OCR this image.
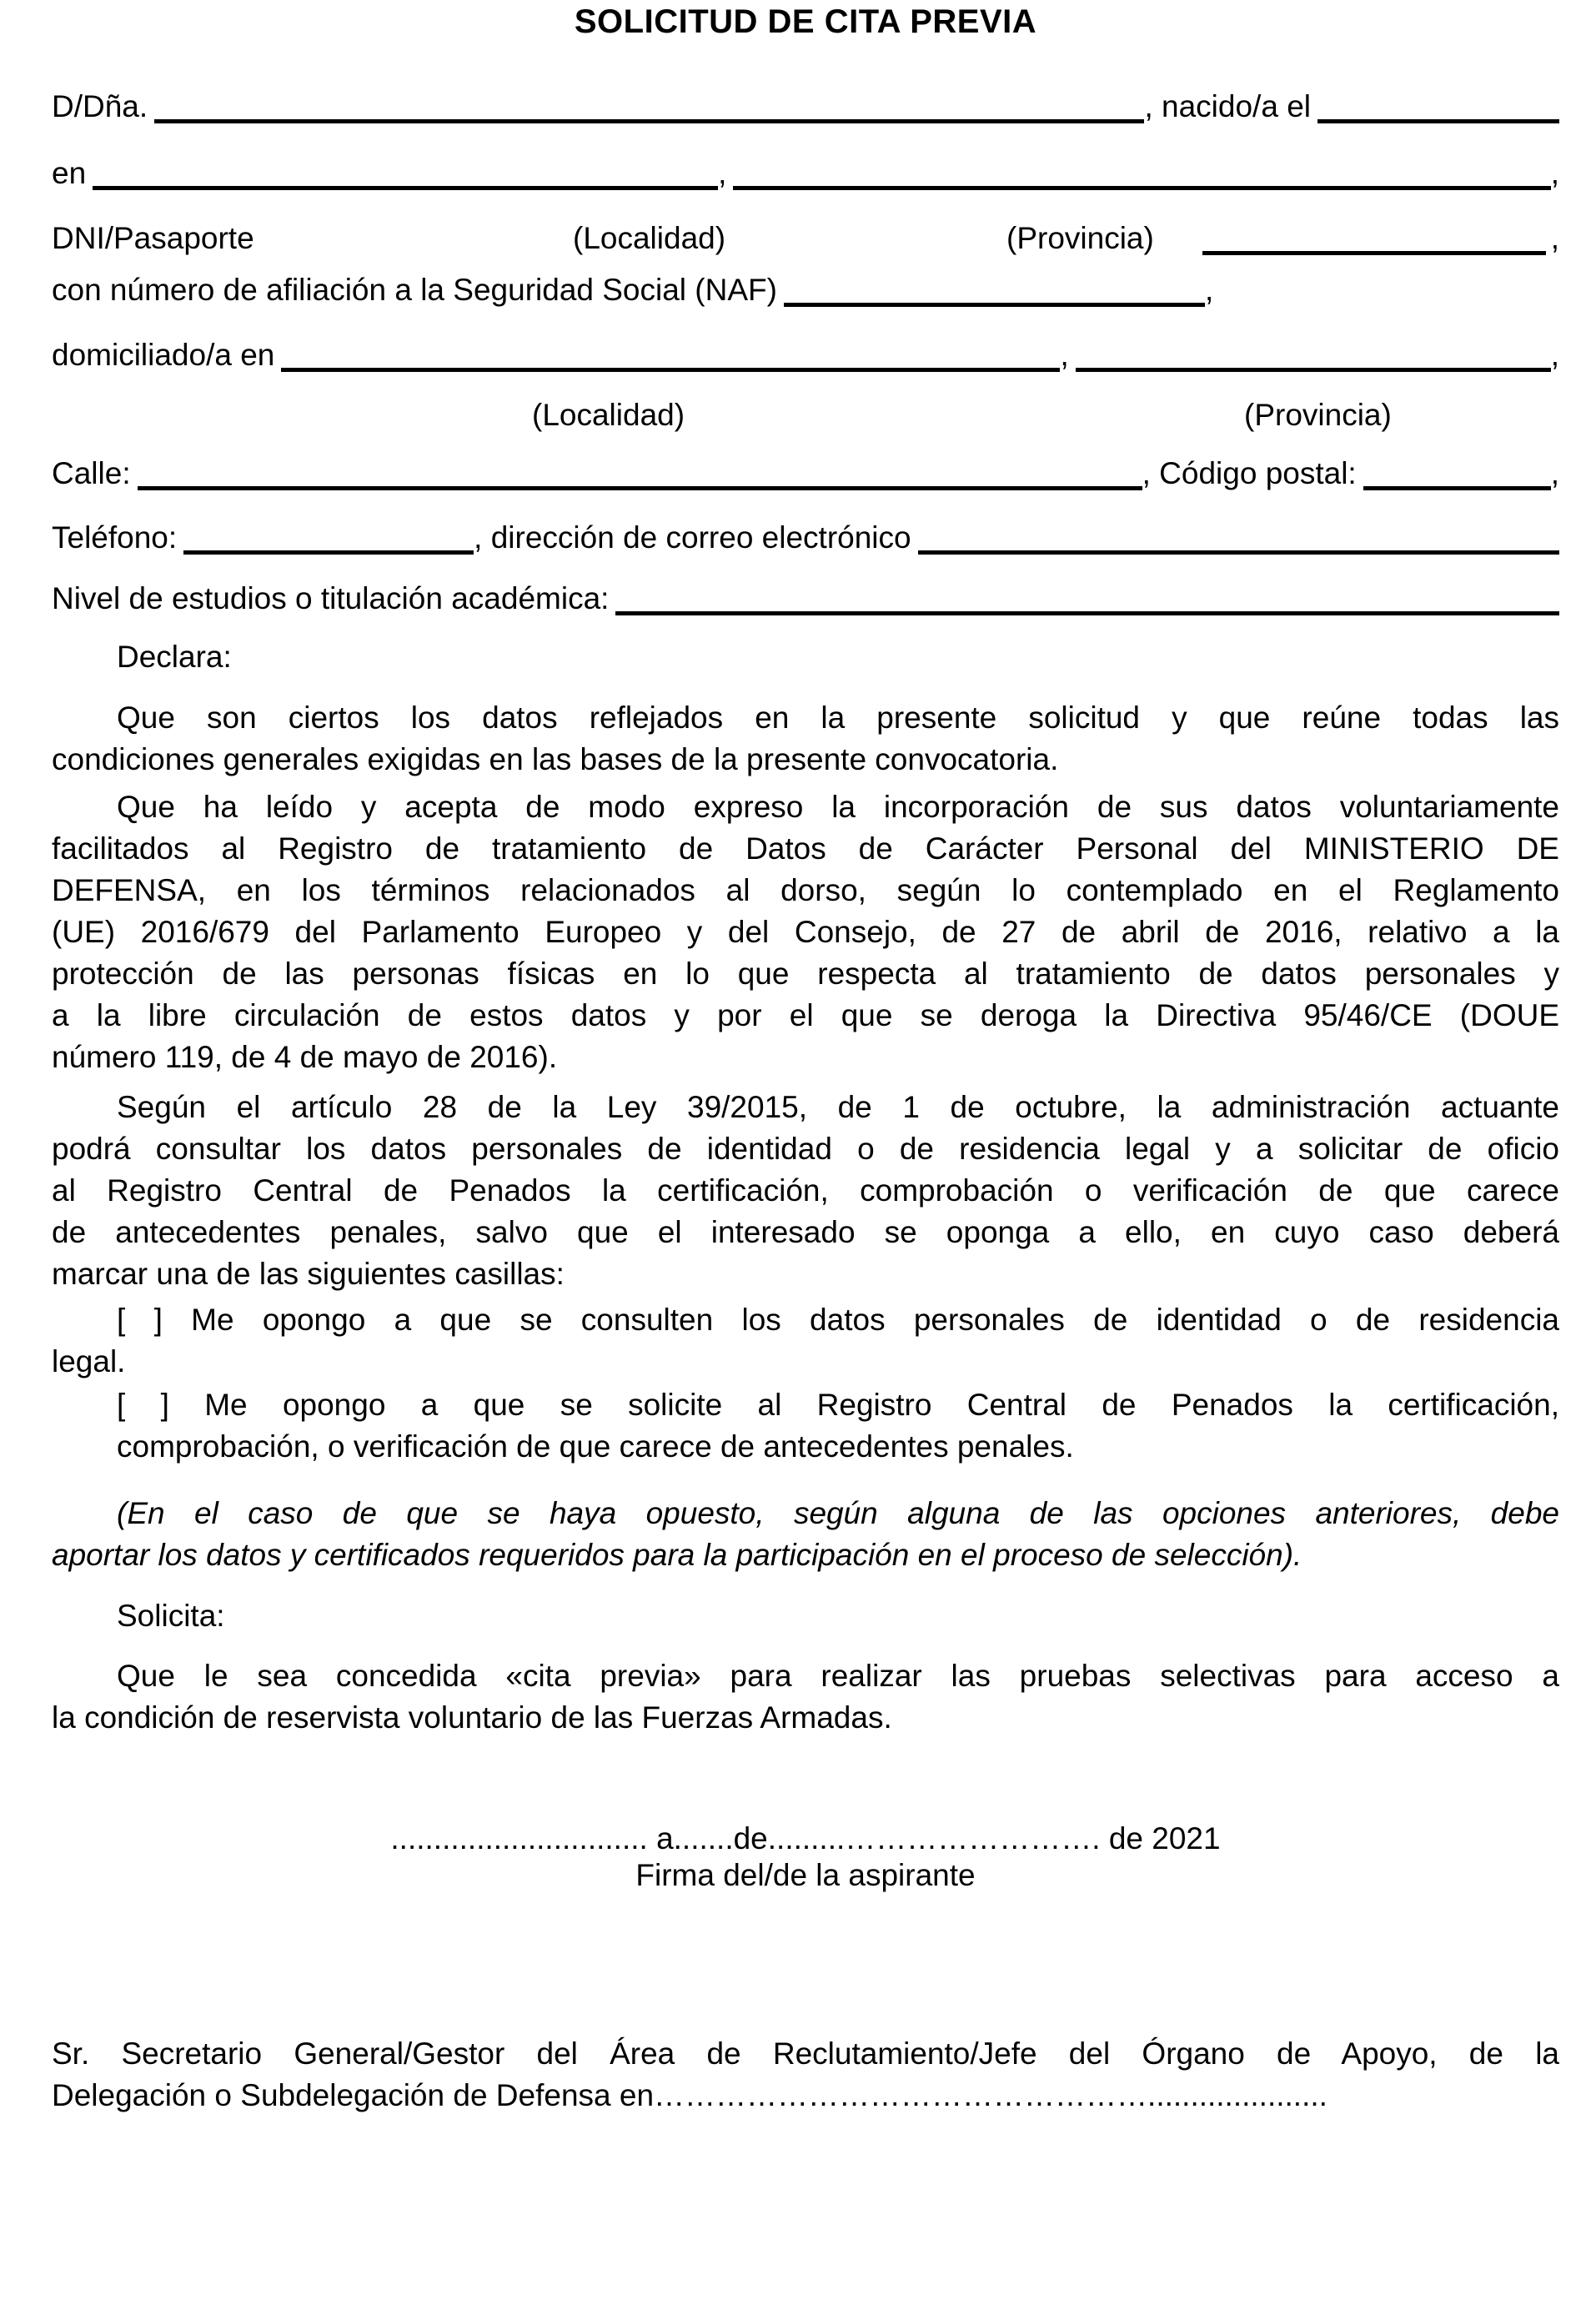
SOLICITUD DE CITA PREVIA
D/Dña.	, nacido/a el
en	,	,
DNI/Pasaporte	(Localidad)	(Provincia)	,
con número de afiliación a la Seguridad Social (NAF)	,
domiciliado/a en	,	,
(Localidad)	(Provincia)
Calle:	, Código postal:	,
Teléfono:	, dirección de correo electrónico
Nivel de estudios o titulación académica:
Declara:
Que son ciertos los datos reflejados en la presente solicitud y que reúne todas las
condiciones generales exigidas en las bases de la presente convocatoria.
Que ha leído y acepta de modo expreso la incorporación de sus datos voluntariamente
facilitados al Registro de tratamiento de Datos de Carácter Personal del MINISTERIO DE
DEFENSA, en los términos relacionados al dorso, según lo contemplado en el Reglamento
(UE) 2016/679 del Parlamento Europeo y del Consejo, de 27 de abril de 2016, relativo a la
protección de las personas físicas en lo que respecta al tratamiento de datos personales y
a la libre circulación de estos datos y por el que se deroga la Directiva 95/46/CE (DOUE
número 119, de 4 de mayo de 2016).
Según el artículo 28 de la Ley 39/2015, de 1 de octubre, la administración actuante
podrá consultar los datos personales de identidad o de residencia legal y a solicitar de oficio
al Registro Central de Penados la certificación, comprobación o verificación de que carece
de antecedentes penales, salvo que el interesado se oponga a ello, en cuyo caso deberá
marcar una de las siguientes casillas:
[ ] Me opongo a que se consulten los datos personales de identidad o de residencia
legal.
[ ] Me opongo a que se solicite al Registro Central de Penados la certificación,
comprobación, o verificación de que carece de antecedentes penales.
(En el caso de que se haya opuesto, según alguna de las opciones anteriores, debe
aportar los datos y certificados requeridos para la participación en el proceso de selección).
Solicita:
Que le sea concedida «cita previa» para realizar las pruebas selectivas para acceso a
la condición de reservista voluntario de las Fuerzas Armadas.
.............................. a.......de.........……………………. de 2021
Firma del/de la aspirante
Sr. Secretario General/Gestor del Área de Reclutamiento/Jefe del Órgano de Apoyo, de la
Delegación o Subdelegación de Defensa en………………………………………….....................
